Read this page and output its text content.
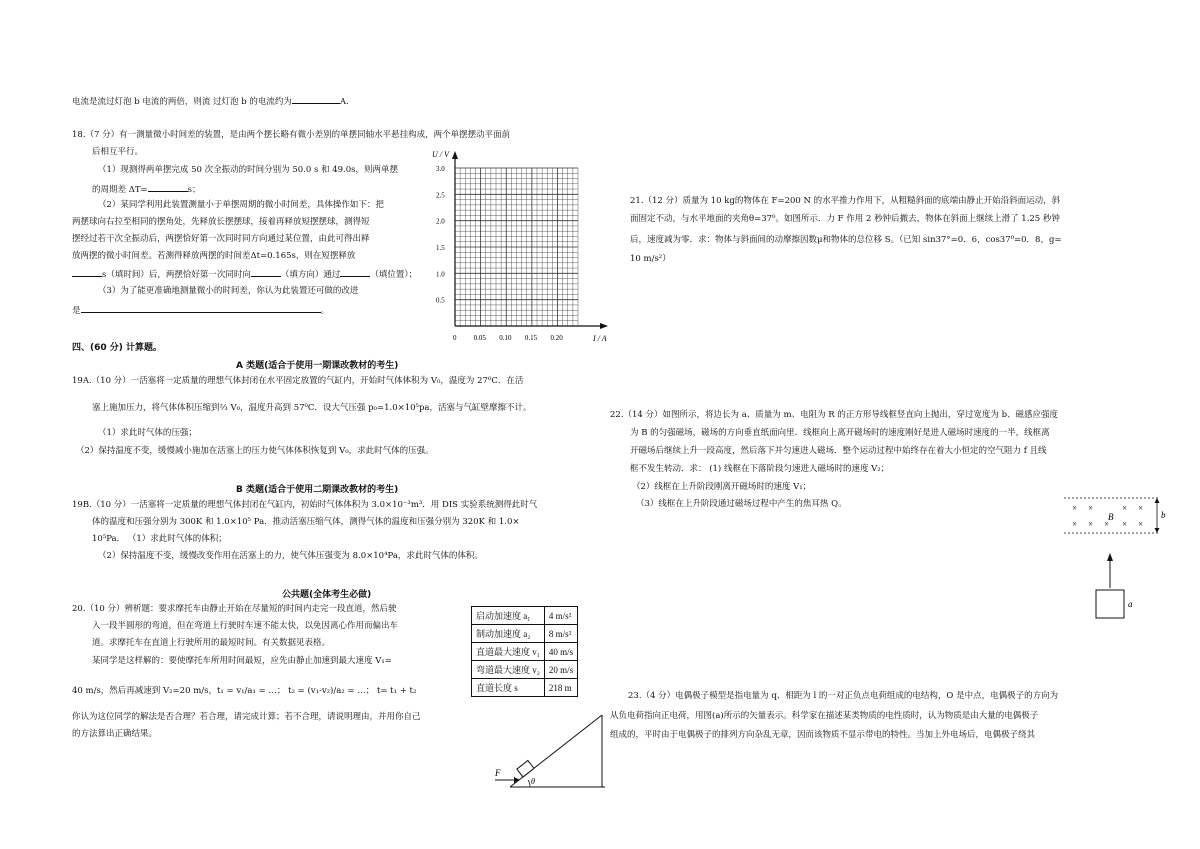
电流是流过灯泡 b 电流的两倍，则流 过灯泡 b 的电流约为	A.
18.（7 分）有一测量微小时间差的装置，是由两个摆长略有微小差别的单摆同轴水平悬挂构成，两个单摆摆动平面前
后相互平行。
（1）现测得两单摆完成 50 次全振动的时间分别为 50.0 s 和 49.0s，则两单摆
的周期差 ΔT=	s；
（2）某同学利用此装置测量小于单摆周期的微小时间差，具体操作如下：把
两摆球向右拉至相同的摆角处，先释放长摆摆球，接着再释放短摆摆球，测得短
摆经过若干次全振动后，两摆恰好第一次同时同方向通过某位置，由此可得出释
放两摆的微小时间差。若测得释放两摆的时间差Δt=0.165s，则在短摆释放
s（填时间）后，两摆恰好第一次同时向	（填方向）通过	（填位置）；
（3）为了能更准确地测量微小的时间差，你认为此装置还可做的改进
是	。
四、(60 分) 计算题。
A 类题(适合于使用一期课改教材的考生)
19A.（10 分）一活塞将一定质量的理想气体封闭在水平固定放置的气缸内，开始时气体体积为 V₀，温度为 27⁰C．在活
塞上施加压力，将气体体积压缩到⅔ V₀，温度升高到 57⁰C．设大气压强 p₀=1.0×10⁵pa，活塞与气缸壁摩擦不计。
（1）求此时气体的压强；
（2）保持温度不变，缓慢减小施加在活塞上的压力使气体体积恢复到 V₀，求此时气体的压强。
B 类题(适合于使用二期课改教材的考生)
19B.（10 分）一活塞将一定质量的理想气体封闭在气缸内，初始时气体体积为 3.0×10⁻³m³．用 DIS 实验系统测得此时气
体的温度和压强分别为 300K 和 1.0×10⁵ Pa．推动活塞压缩气体，测得气体的温度和压强分别为 320K 和 1.0×
10⁵Pa． （1）求此时气体的体积；
（2）保持温度不变，缓慢改变作用在活塞上的力，使气体压强变为 8.0×10⁴Pa，求此时气体的体积。
公共题(全体考生必做)
20.（10 分）辨析题：要求摩托车由静止开始在尽量短的时间内走完一段直道，然后驶
入一段半圆形的弯道，但在弯道上行驶时车速不能太快，以免因离心作用而偏出车
道。求摩托车在直道上行驶所用的最短时间。有关数据见表格。
某同学是这样解的：要使摩托车所用时间最短，应先由静止加速到最大速度 V₁=
40 m/s，然后再减速到 V₂=20 m/s，t₁ = v₁/a₁ = …； t₂ = (v₁-v₂)/a₂ = …； t= t₁ + t₂
你认为这位同学的解法是否合理？若合理，请完成计算；若不合理，请说明理由，并用你自己
的方法算出正确结果。
启动加速度 a₁	4 m/s²
制动加速度 a₂	8 m/s²
直道最大速度 v₁	40 m/s
弯道最大速度 v₂	20 m/s
直道长度 s	218 m
U / V
I / A
3.0
2.5
2.0
1.5
1.0
0.5
0 0.05 0.10 0.15 0.20
F
θ
21.（12 分）质量为 10 kg的物体在 F=200 N 的水平推力作用下，从粗糙斜面的底端由静止开始沿斜面运动，斜
面固定不动，与水平地面的夹角θ=37⁰。如图所示．力 F 作用 2 秒钟后撤去，物体在斜面上继续上滑了 1.25 秒钟
后，速度减为零．求：物体与斜面间的动摩擦因数μ和物体的总位移 S。（已知 sin37°=0．6，cos37⁰=0．8，g=
10 m/s²）
22.（14 分）如图所示，将边长为 a、质量为 m、电阻为 R 的正方形导线框竖直向上抛出，穿过宽度为 b、磁感应强度
为 B 的匀强磁场，磁场的方向垂直纸面向里．线框向上离开磁场时的速度刚好是进人磁场时速度的一半，线框离
开磁场后继续上升一段高度，然后落下并匀速进人磁场．整个运动过程中始终存在着大小恒定的空气阻力 f 且线
框不发生转动．求： (1) 线框在下落阶段匀速进人磁场时的速度 V₂；
（2）线框在上升阶段刚离开磁场时的速度 V₁；
（3）线框在上升阶段通过磁场过程中产生的焦耳热 Q。	× ×	× ×
× × × × ×
B	b
a
23.（4 分）电偶极子模型是指电量为 q、相距为 l 的一对正负点电荷组成的电结构，O 是中点，电偶极子的方向为
从负电荷指向正电荷，用图(a)所示的矢量表示。科学家在描述某类物质的电性质时，认为物质是由大量的电偶极子
组成的，平时由于电偶极子的排列方向杂乱无章，因而该物质不显示带电的特性。当加上外电场后，电偶极子绕其
